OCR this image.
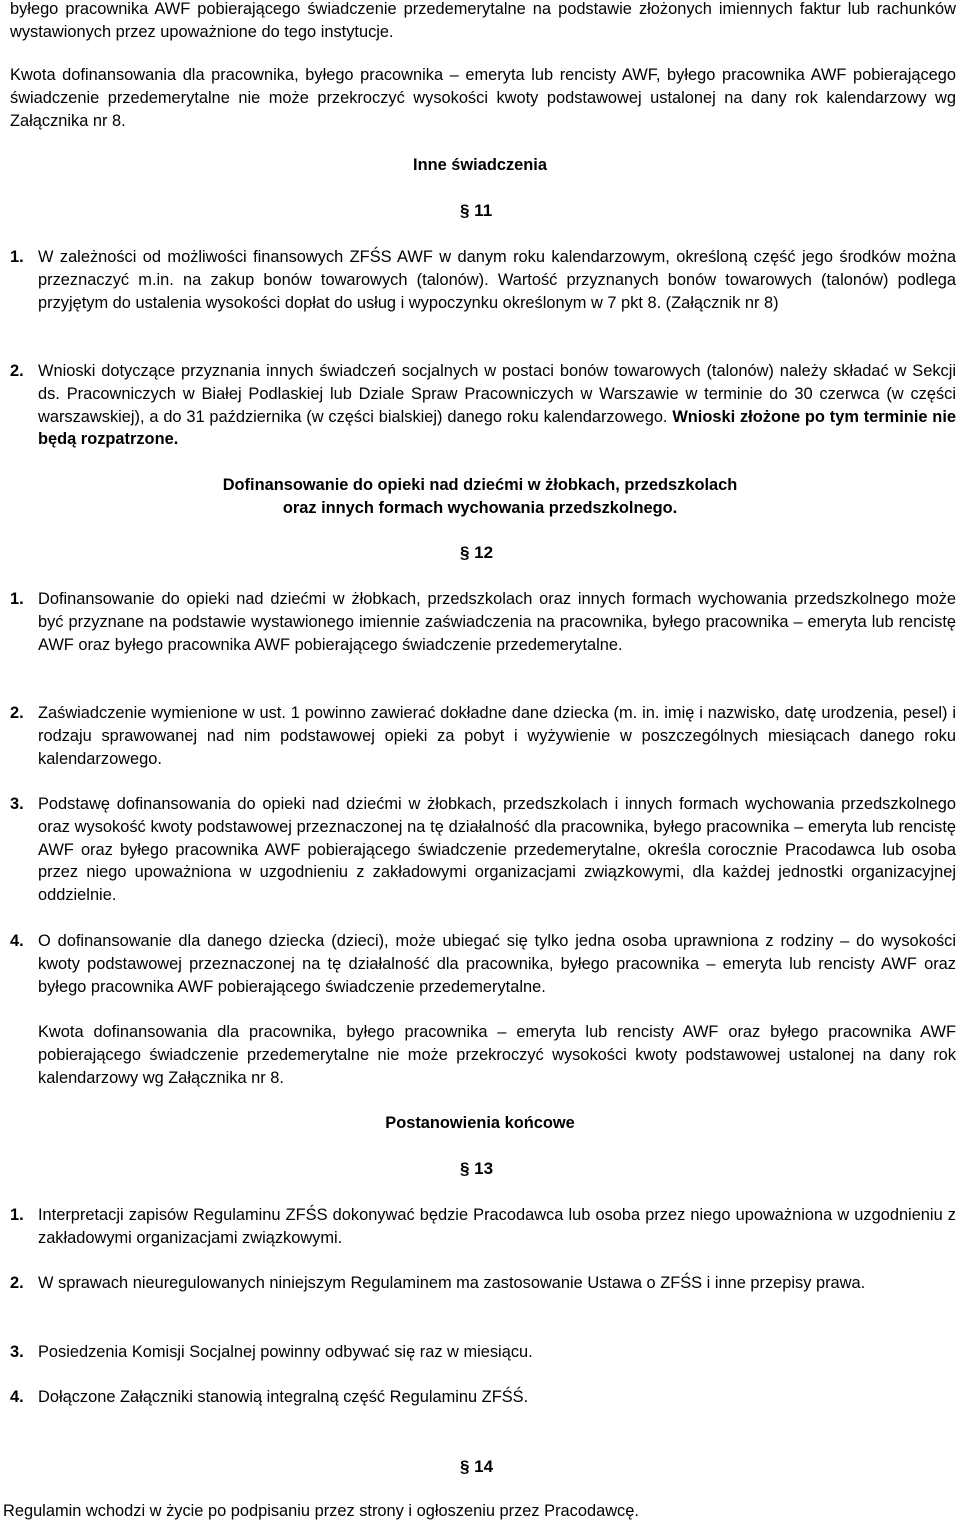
byłego pracownika AWF pobierającego świadczenie przedemerytalne na podstawie złożonych imiennych faktur lub rachunków wystawionych przez upoważnione do tego instytucje.

Kwota dofinansowania dla pracownika, byłego pracownika – emeryta lub rencisty AWF, byłego pracownika AWF pobierającego świadczenie przedemerytalne nie może przekroczyć wysokości kwoty podstawowej ustalonej na dany rok kalendarzowy wg Załącznika nr 8.

Inne świadczenia

§ 11

1. W zależności od możliwości finansowych ZFŚS AWF w danym roku kalendarzowym, określoną część jego środków można przeznaczyć m.in. na zakup bonów towarowych (talonów). Wartość przyznanych bonów towarowych (talonów) podlega przyjętym do ustalenia wysokości dopłat do usług i wypoczynku określonym w 7 pkt 8. (Załącznik nr 8)
2. Wnioski dotyczące przyznania innych świadczeń socjalnych w postaci bonów towarowych (talonów) należy składać w Sekcji ds. Pracowniczych w Białej Podlaskiej lub Dziale Spraw Pracowniczych w Warszawie w terminie do 30 czerwca (w części warszawskiej), a do 31 października (w części bialskiej) danego roku kalendarzowego. Wnioski złożone po tym terminie nie będą rozpatrzone.

Dofinansowanie do opieki nad dziećmi w żłobkach, przedszkolach

oraz innych formach wychowania przedszkolnego.

§ 12

1. Dofinansowanie do opieki nad dziećmi w żłobkach, przedszkolach oraz innych formach wychowania przedszkolnego może być przyznane na podstawie wystawionego imiennie zaświadczenia na pracownika, byłego pracownika – emeryta lub rencistę AWF oraz byłego pracownika AWF pobierającego świadczenie przedemerytalne.
2. Zaświadczenie wymienione w ust. 1 powinno zawierać dokładne dane dziecka (m. in. imię i nazwisko, datę urodzenia, pesel) i rodzaju sprawowanej nad nim podstawowej opieki za pobyt i wyżywienie w poszczególnych miesiącach danego roku kalendarzowego.
3. Podstawę dofinansowania do opieki nad dziećmi w żłobkach, przedszkolach i innych formach wychowania przedszkolnego oraz wysokość kwoty podstawowej przeznaczonej na tę działalność dla pracownika, byłego pracownika – emeryta lub rencistę AWF oraz byłego pracownika AWF pobierającego świadczenie przedemerytalne, określa corocznie Pracodawca lub osoba przez niego upoważniona w uzgodnieniu z zakładowymi organizacjami związkowymi, dla każdej jednostki organizacyjnej oddzielnie.
4. O dofinansowanie dla danego dziecka (dzieci), może ubiegać się tylko jedna osoba uprawniona z rodziny – do wysokości kwoty podstawowej przeznaczonej na tę działalność dla pracownika, byłego pracownika – emeryta lub rencisty AWF oraz byłego pracownika AWF pobierającego świadczenie przedemerytalne.

Kwota dofinansowania dla pracownika, byłego pracownika – emeryta lub rencisty AWF oraz byłego pracownika AWF pobierającego świadczenie przedemerytalne nie może przekroczyć wysokości kwoty podstawowej ustalonej na dany rok kalendarzowy wg Załącznika nr 8.

Postanowienia końcowe

§ 13

1. Interpretacji zapisów Regulaminu ZFŚS dokonywać będzie Pracodawca lub osoba przez niego upoważniona w uzgodnieniu z zakładowymi organizacjami związkowymi.
2. W sprawach nieuregulowanych niniejszym Regulaminem ma zastosowanie Ustawa o ZFŚS i inne przepisy prawa.
3. Posiedzenia Komisji Socjalnej powinny odbywać się raz w miesiącu.
4. Dołączone Załączniki stanowią integralną część Regulaminu ZFŚŚ.

§ 14

Regulamin wchodzi w życie po podpisaniu przez strony i ogłoszeniu przez Pracodawcę.
